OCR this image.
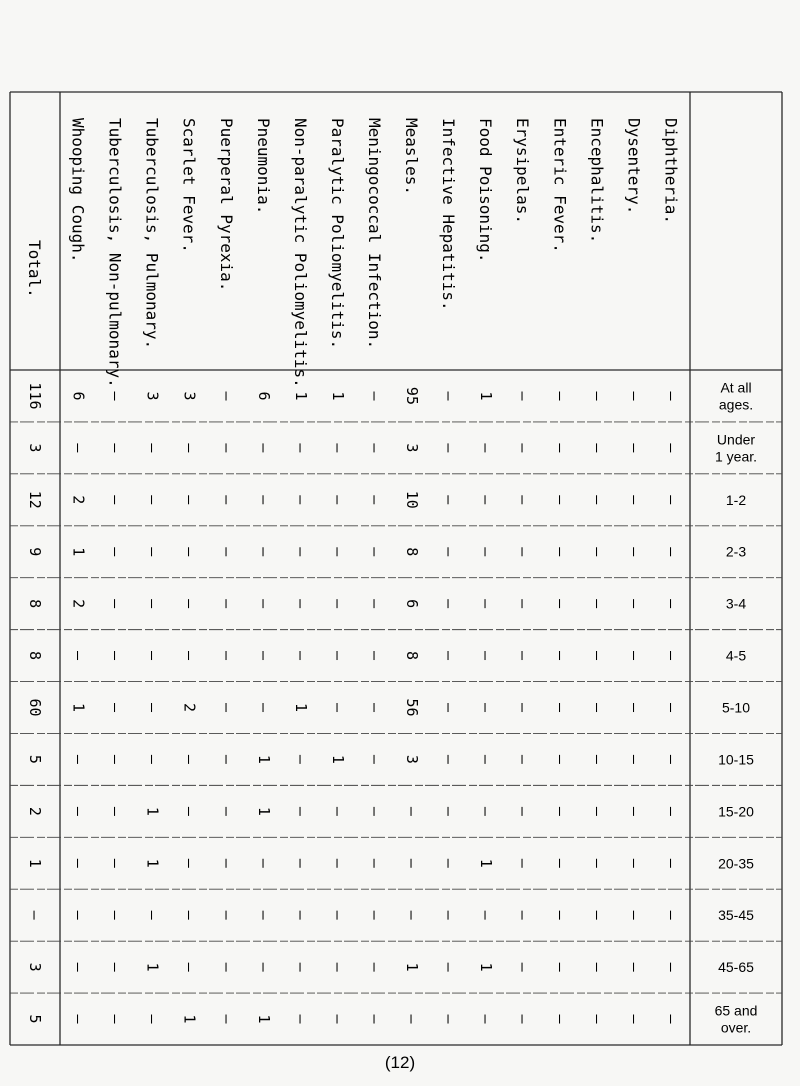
Total.
Whooping Cough. Tuberculosis, Non-pulmonary. Tuberculosis, Pulmonary. Scarlet Fever. Puerperal Pyrexia. Pneumonia. Non-paralytic Poliomyelitis. Paralytic Poliomyelitis. Meningococcal Infection. Measles. Infective Hepatitis. Food Poisoning. Erysipelas. Enteric Fever. Encephalitis. Dysentery. Diphtheria.
At all
ages.
Under
1 year.
1-2
2-3
3-4
4-5
5-10
10-15
15-20
20-35
35-45
45-65
65 and
over.
116
3
12
9
8
8
60
5
2
1
–
3
5
6
–
2
1
2
–
1
–
–
–
–
–
–
–
–
–
–
–
–
–
–
–
–
–
–
–
3
–
–
–
–
–
–
–
1
1
–
1
–
3
–
–
–
–
–
2
–
–
–
–
–
1
–
–
–
–
–
–
–
–
–
–
–
–
–
6
–
–
–
–
–
–
1
1
–
–
–
1
1
–
–
–
–
–
1
–
–
–
–
–
–
1
–
–
–
–
–
–
1
–
–
–
–
–
–
–
–
–
–
–
–
–
–
–
–
–
–
95
3
10
8
6
8
56
3
–
–
–
1
–
–
–
–
–
–
–
–
–
–
–
–
–
–
1
–
–
–
–
–
–
–
–
1
–
1
–
–
–
–
–
–
–
–
–
–
–
–
–
–
–
–
–
–
–
–
–
–
–
–
–
–
–
–
–
–
–
–
–
–
–
–
–
–
–
–
–
–
–
–
–
–
–
–
–
–
–
–
–
–
–
–
–
–
–
–
–
–
–
–
–
–
(12)
